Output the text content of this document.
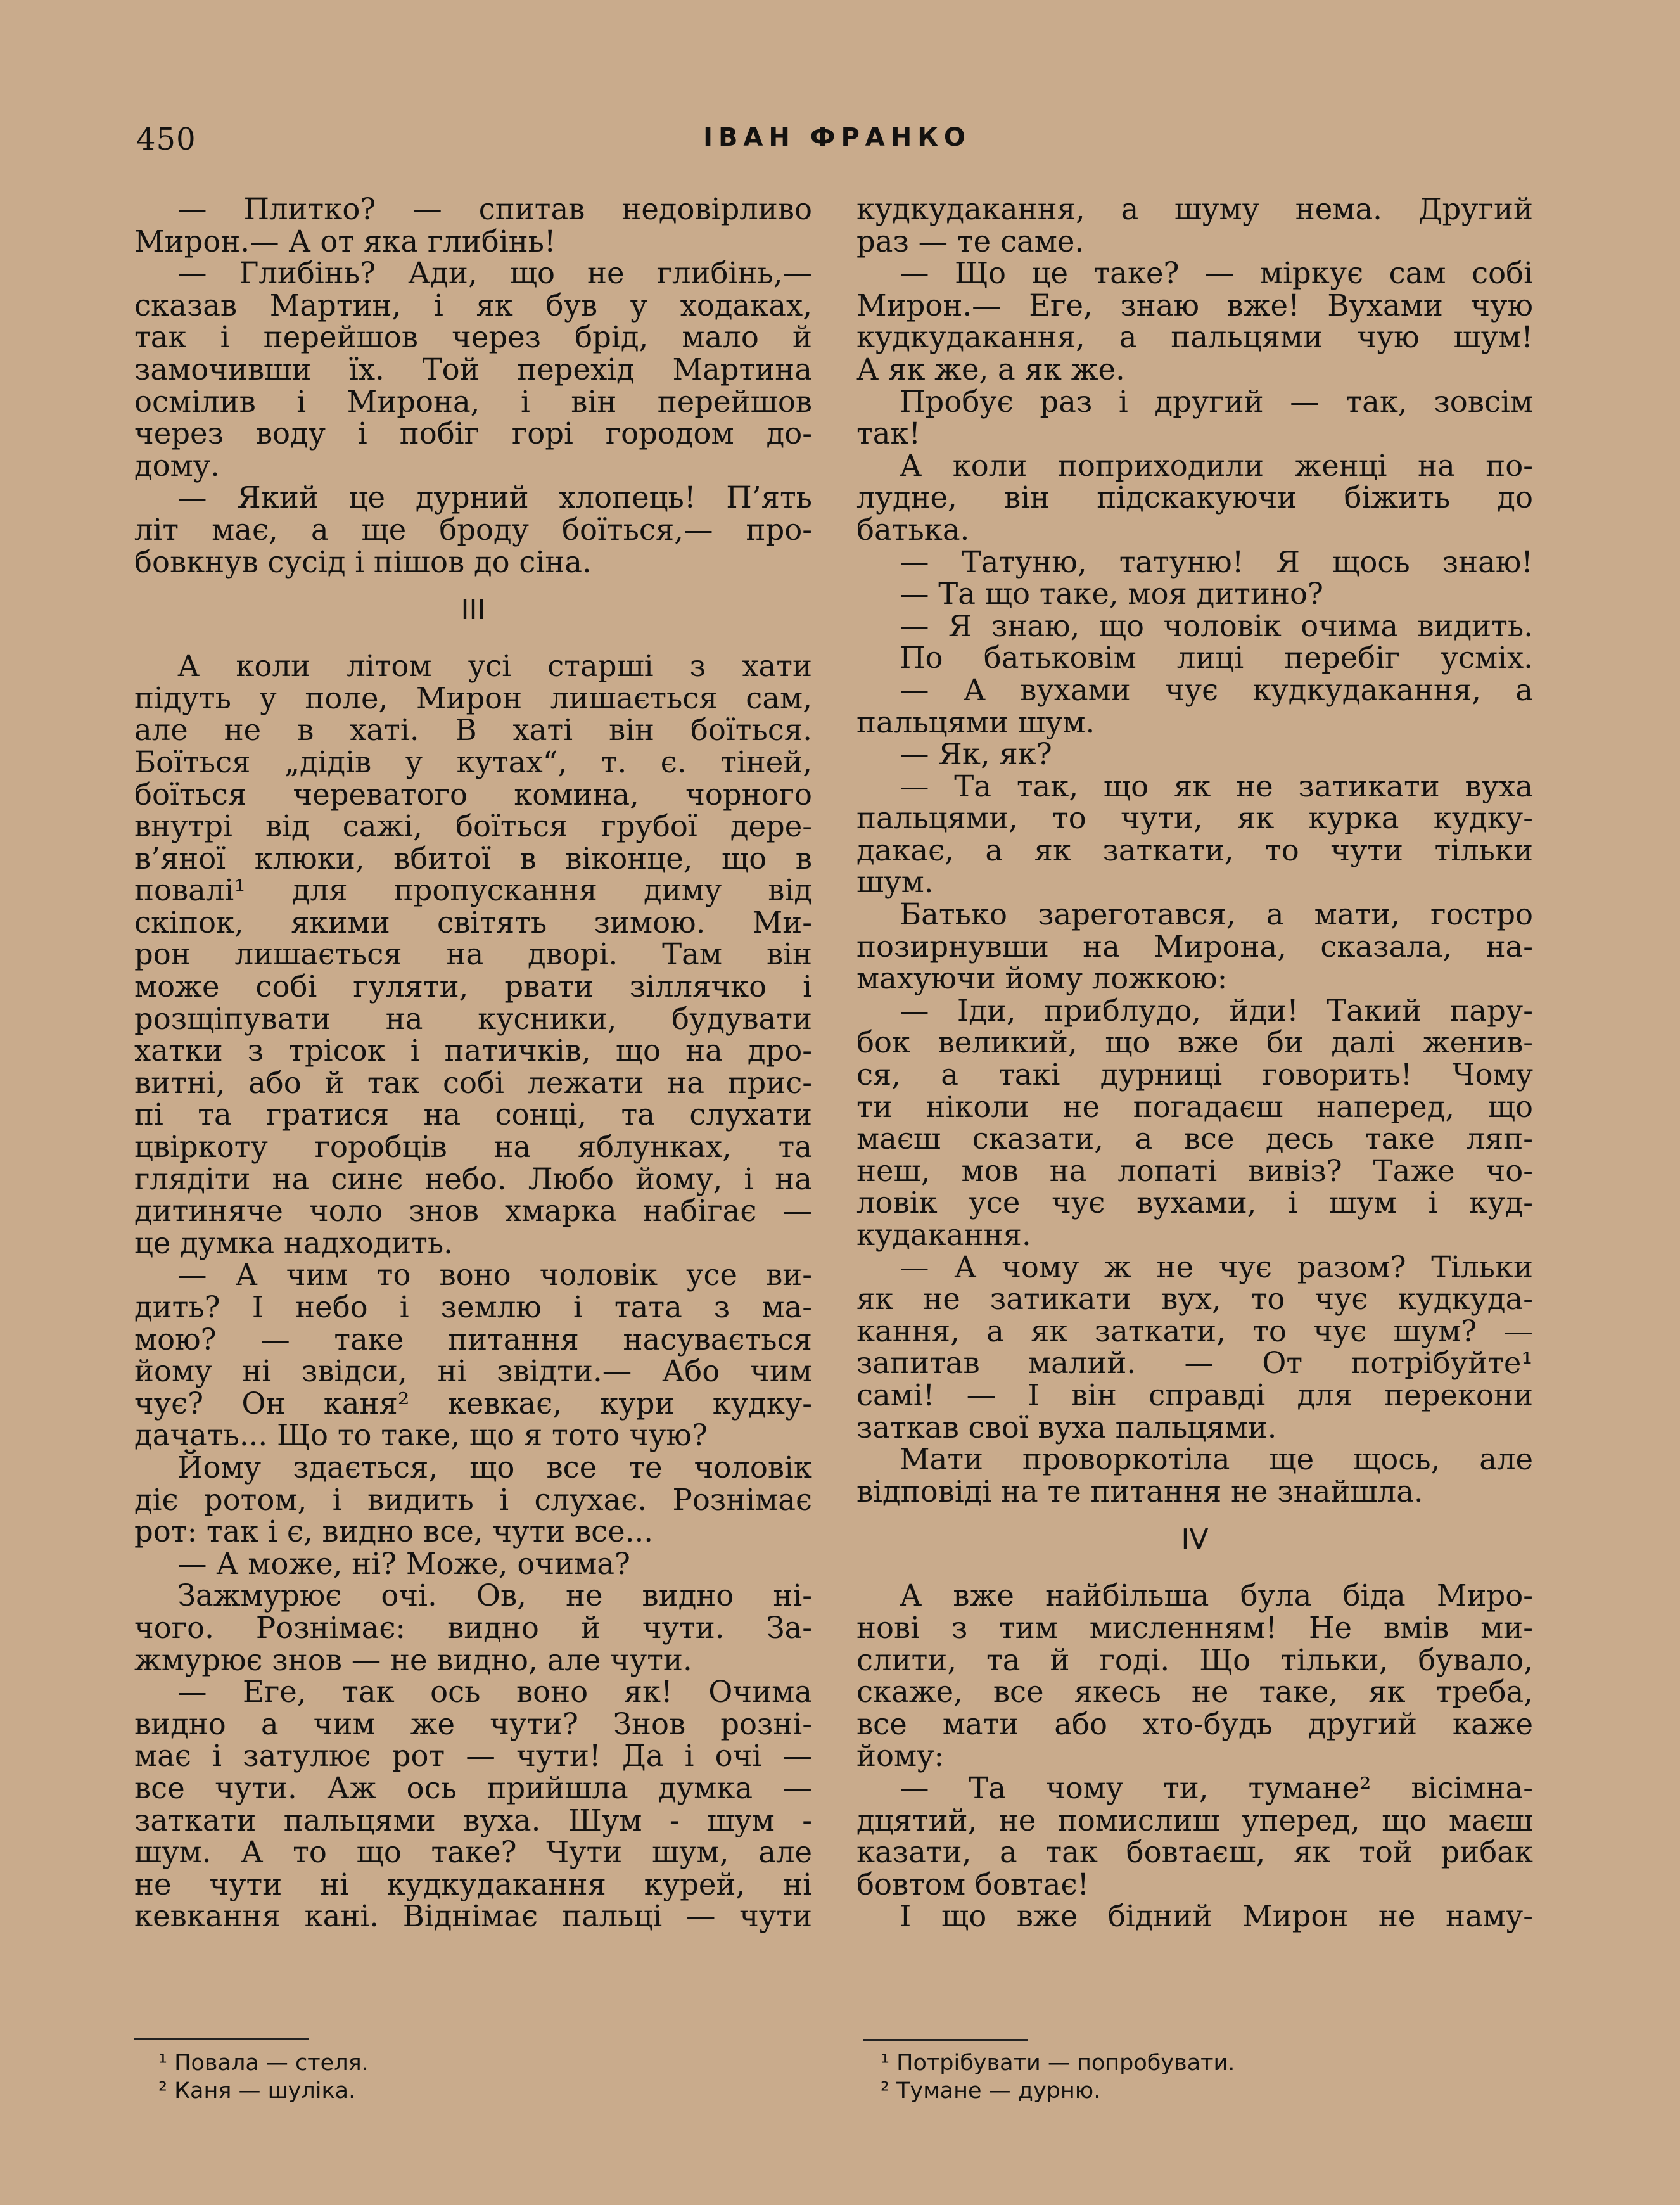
450	ІВАН ФРАНКО
— Плитко? — спитав недовірливо
Мирон.— А от яка глибінь!
— Глибінь? Ади, що не глибінь,—
сказав Мартин, і як був у ходаках,
так і перейшов через брід, мало й
замочивши їх. Той перехід Мартина
осмілив і Мирона, і він перейшов
через воду і побіг горі городом до-
дому.
— Який це дурний хлопець! П’ять
літ має, а ще броду боїться,— про-
бовкнув сусід і пішов до сіна.
III
А коли літом усі старші з хати
підуть у поле, Мирон лишається сам,
але не в хаті. В хаті він боїться.
Боїться „дідів у кутах“, т. є. тіней,
боїться череватого комина, чорного
внутрі від сажі, боїться грубої дере-
в’яної клюки, вбитої в віконце, що в
повалі¹ для пропускання диму від
скіпок, якими світять зимою. Ми-
рон лишається на дворі. Там він
може собі гуляти, рвати зіллячко і
розщіпувати на кусники, будувати
хатки з трісок і патичків, що на дро-
витні, або й так собі лежати на прис-
пі та гратися на сонці, та слухати
цвіркоту горобців на яблунках, та
глядіти на синє небо. Любо йому, і на
дитиняче чоло знов хмарка набігає —
це думка надходить.
— А чим то воно чоловік усе ви-
дить? І небо і землю і тата з ма-
мою? — таке питання насувається
йому ні звідси, ні звідти.— Або чим
чує? Он каня² кевкає, кури кудку-
дачать... Що то таке, що я тото чую?
Йому здається, що все те чоловік
діє ротом, і видить і слухає. Рознімає
рот: так і є, видно все, чути все...
— А може, ні? Може, очима?
Зажмурює очі. Ов, не видно ні-
чого. Рознімає: видно й чути. За-
жмурює знов — не видно, але чути.
— Еге, так ось воно як! Очима
видно а чим же чути? Знов розні-
має і затулює рот — чути! Да і очі —
все чути. Аж ось прийшла думка —
заткати пальцями вуха. Шум - шум -
шум. А то що таке? Чути шум, але
не чути ні кудкудакання курей, ні
кевкання кані. Віднімає пальці — чути
кудкудакання, а шуму нема. Другий
раз — те саме.
— Що це таке? — міркує сам собі
Мирон.— Еге, знаю вже! Вухами чую
кудкудакання, а пальцями чую шум!
А як же, а як же.
Пробує раз і другий — так, зовсім
так!
А коли поприходили женці на по-
лудне, він підскакуючи біжить до
батька.
— Татуню, татуню! Я щось знаю!
— Та що таке, моя дитино?
— Я знаю, що чоловік очима видить.
По батьковім лиці перебіг усміх.
— А вухами чує кудкудакання, а
пальцями шум.
— Як, як?
— Та так, що як не затикати вуха
пальцями, то чути, як курка кудку-
дакає, а як заткати, то чути тільки
шум.
Батько зареготався, а мати, гостро
позирнувши на Мирона, сказала, на-
махуючи йому ложкою:
— Іди, приблудо, йди! Такий пару-
бок великий, що вже би далі женив-
ся, а такі дурниці говорить! Чому
ти ніколи не погадаєш наперед, що
маєш сказати, а все десь таке ляп-
неш, мов на лопаті вивіз? Таже чо-
ловік усе чує вухами, і шум і куд-
кудакання.
— А чому ж не чує разом? Тільки
як не затикати вух, то чує кудкуда-
кання, а як заткати, то чує шум? —
запитав малий. — От потрібуйте¹
самі! — І він справді для перекони
заткав свої вуха пальцями.
Мати проворкотіла ще щось, але
відповіді на те питання не знайшла.
IV
А вже найбільша була біда Миро-
нові з тим мисленням! Не вмів ми-
слити, та й годі. Що тільки, бувало,
скаже, все якесь не таке, як треба,
все мати або хто-будь другий каже
йому:
— Та чому ти, тумане² вісімна-
дцятий, не помислиш уперед, що маєш
казати, а так бовтаєш, як той рибак
бовтом бовтає!
І що вже бідний Мирон не наму-
¹ Повала — стеля.
² Каня — шуліка.
¹ Потрібувати — попробувати.
² Тумане — дурню.
